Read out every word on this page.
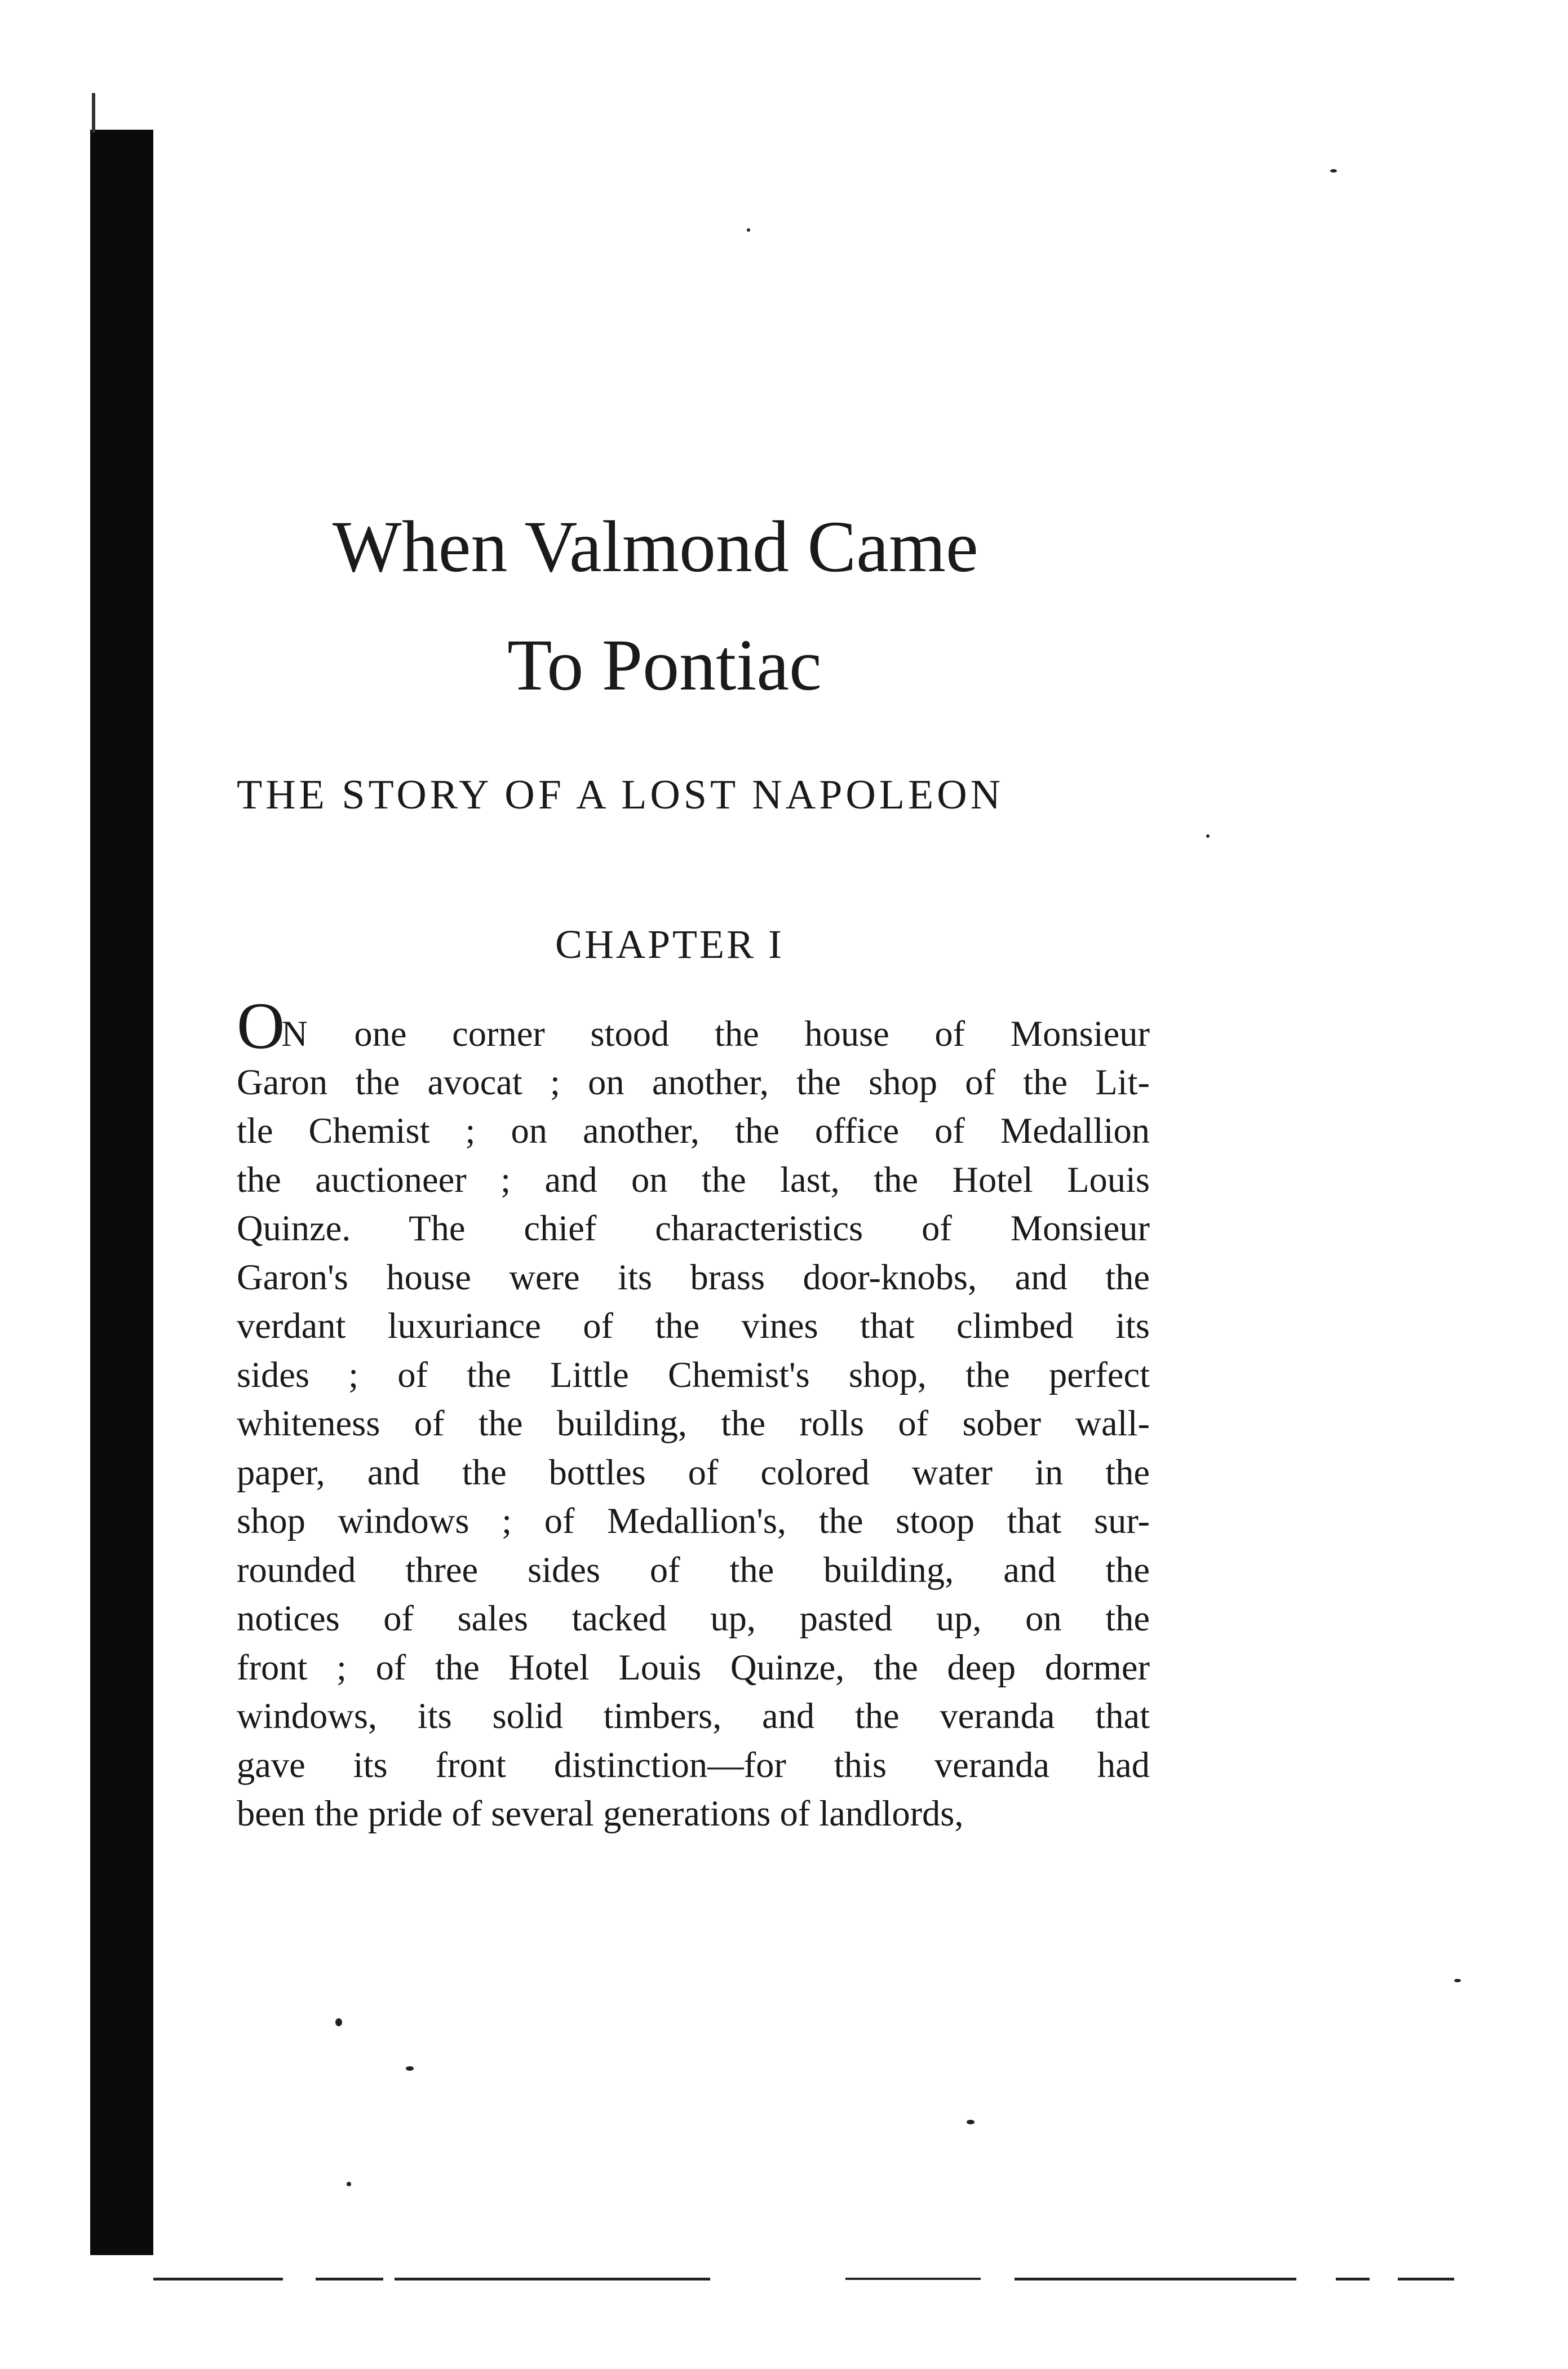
When Valmond Came
To Pontiac
THE STORY OF A LOST NAPOLEON
CHAPTER I
ON one corner stood the house of Monsieur
Garon the avocat ; on another, the shop of the Lit-
tle Chemist ; on another, the office of Medallion
the auctioneer ; and on the last, the Hotel Louis
Quinze. The chief characteristics of Monsieur
Garon's house were its brass door-knobs, and the
verdant luxuriance of the vines that climbed its
sides ; of the Little Chemist's shop, the perfect
whiteness of the building, the rolls of sober wall-
paper, and the bottles of colored water in the
shop windows ; of Medallion's, the stoop that sur-
rounded three sides of the building, and the
notices of sales tacked up, pasted up, on the
front ; of the Hotel Louis Quinze, the deep dormer
windows, its solid timbers, and the veranda that
gave its front distinction—for this veranda had
been the pride of several generations of landlords,
